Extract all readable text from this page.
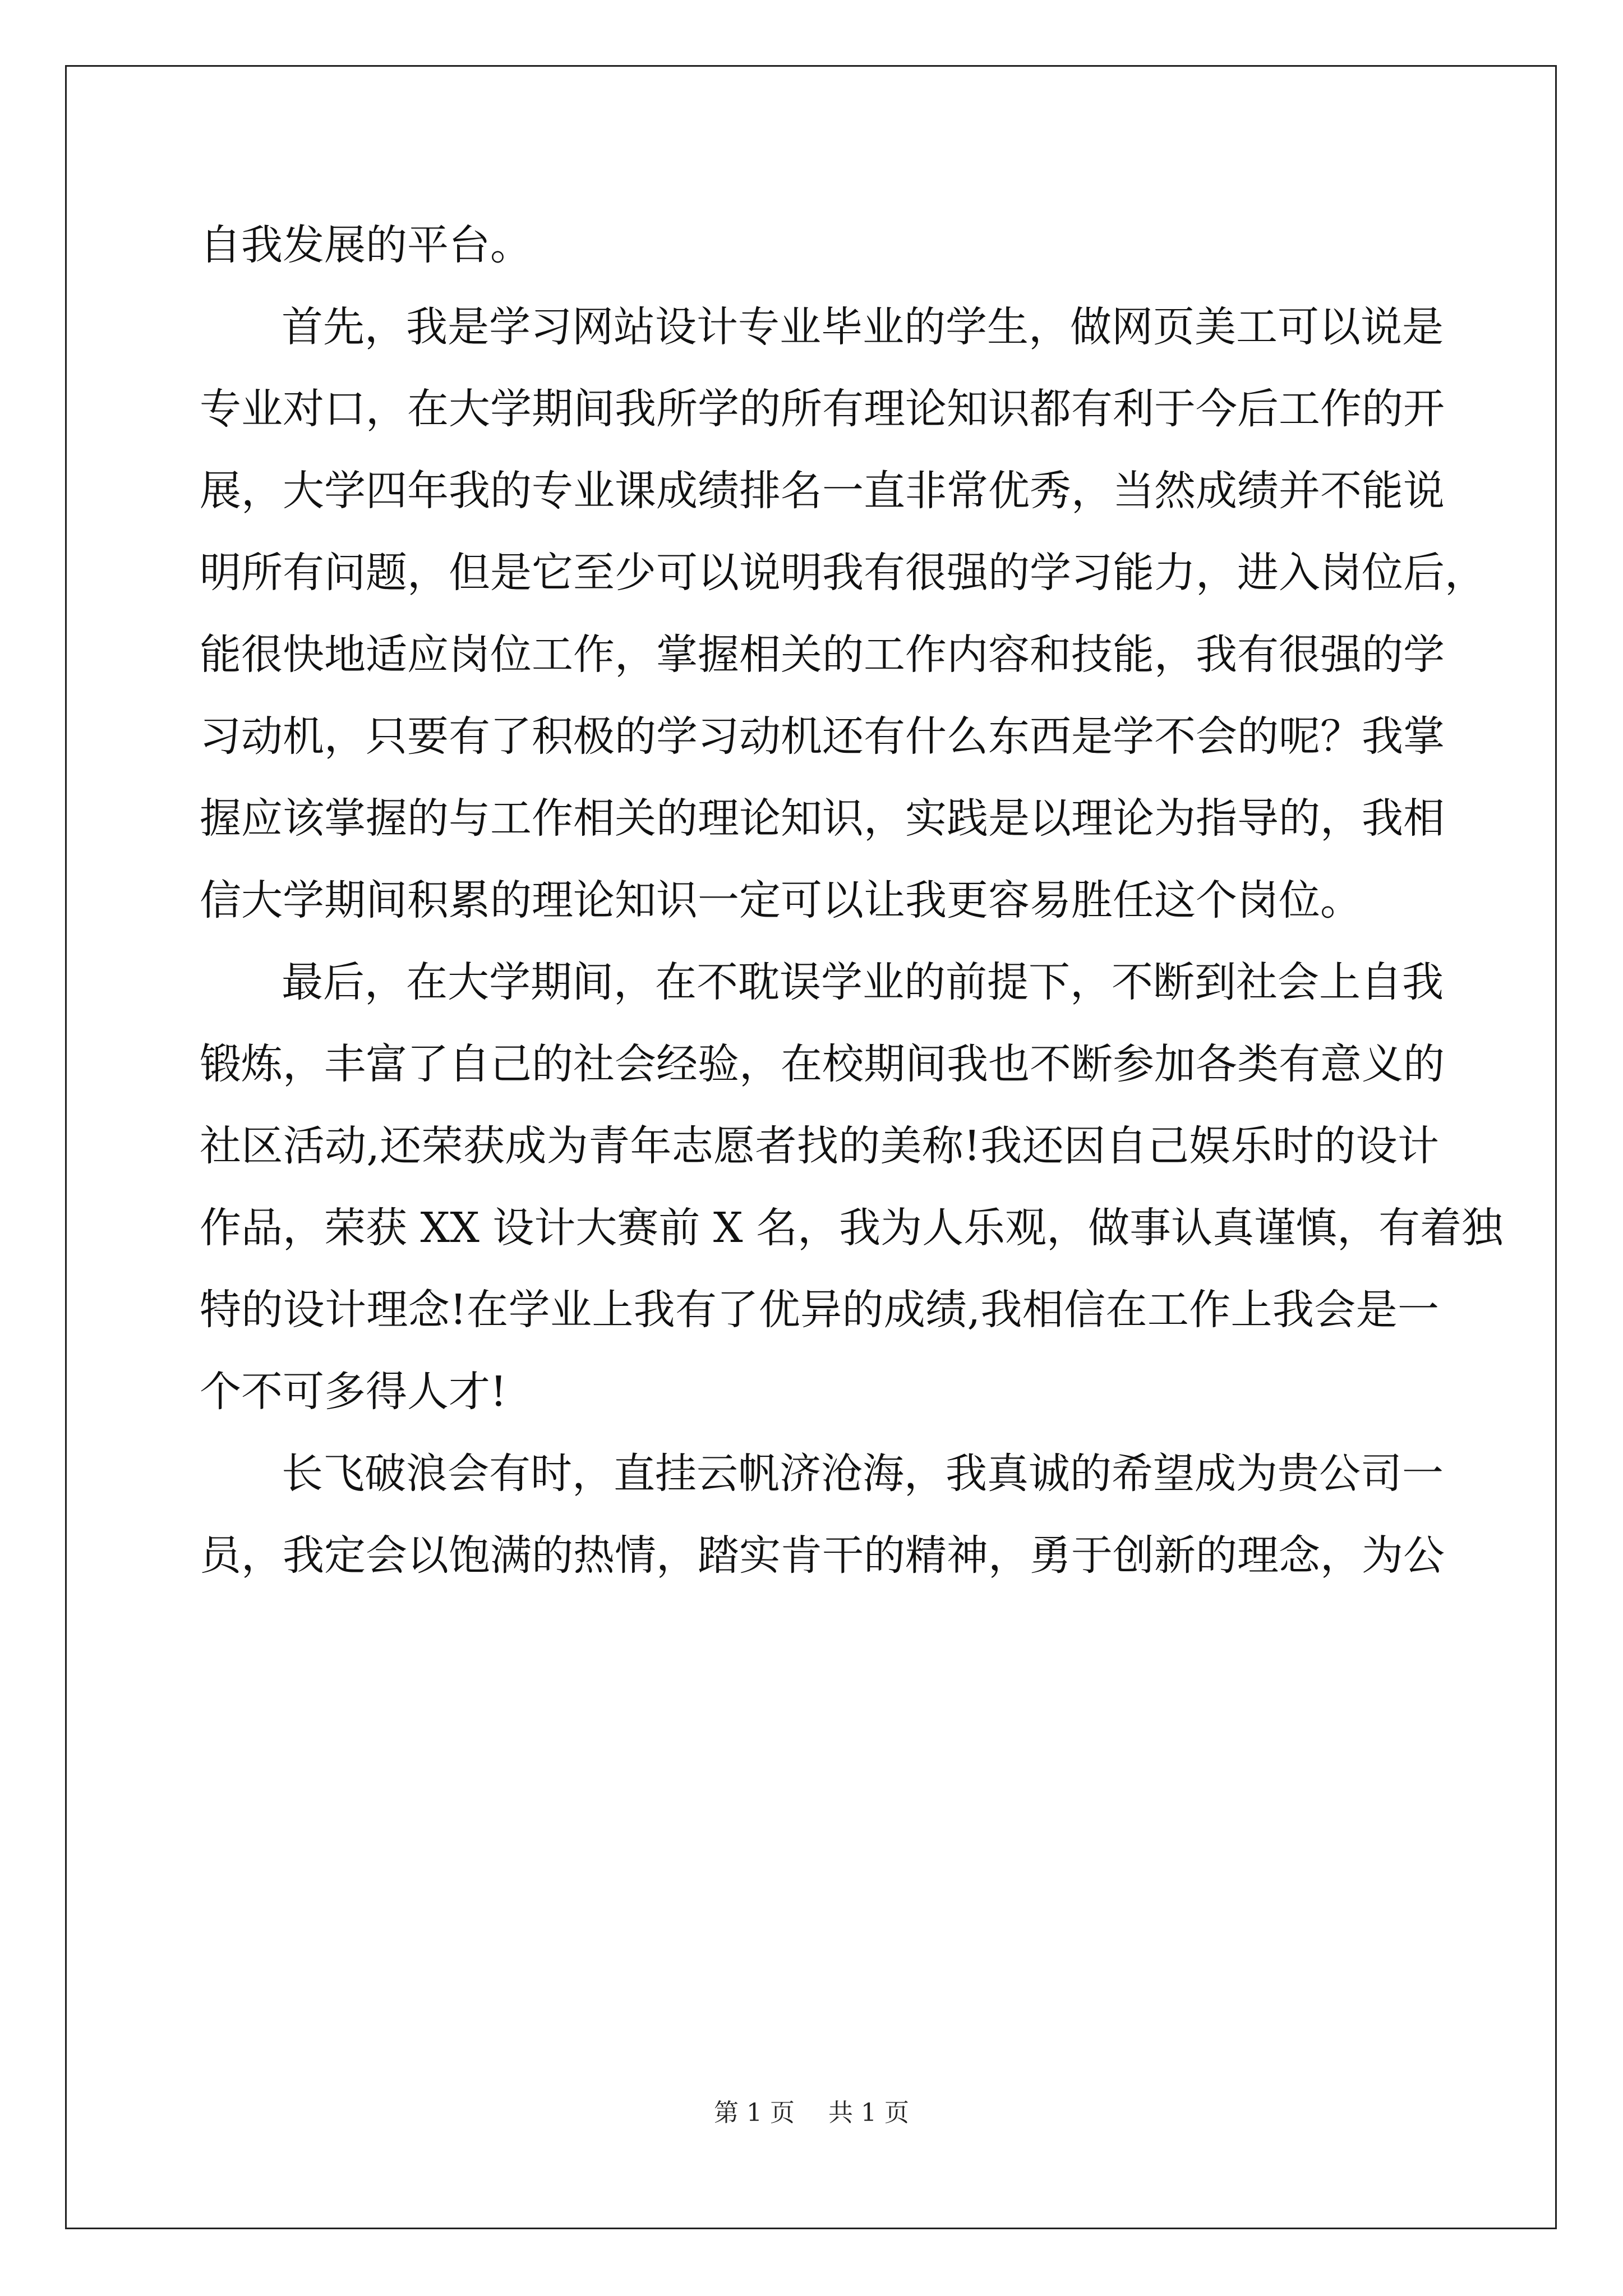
自我发展的平台。
首先，我是学习网站设计专业毕业的学生，做网页美工可以说是
专业对口，在大学期间我所学的所有理论知识都有利于今后工作的开
展，大学四年我的专业课成绩排名一直非常优秀，当然成绩并不能说
明所有问题，但是它至少可以说明我有很强的学习能力，进入岗位后，
能很快地适应岗位工作，掌握相关的工作内容和技能，我有很强的学
习动机，只要有了积极的学习动机还有什么东西是学不会的呢？我掌
握应该掌握的与工作相关的理论知识，实践是以理论为指导的，我相
信大学期间积累的理论知识一定可以让我更容易胜任这个岗位。
最后，在大学期间，在不耽误学业的前提下，不断到社会上自我
锻炼，丰富了自己的社会经验，在校期间我也不断参加各类有意义的
社区活动,还荣获成为青年志愿者找的美称!我还因自己娱乐时的设计
作品，荣获 XX 设计大赛前 X 名，我为人乐观，做事认真谨慎，有着独
特的设计理念!在学业上我有了优异的成绩,我相信在工作上我会是一
个不可多得人才!
长飞破浪会有时，直挂云帆济沧海，我真诚的希望成为贵公司一
员，我定会以饱满的热情，踏实肯干的精神，勇于创新的理念，为公
第 1 页 共 1 页
